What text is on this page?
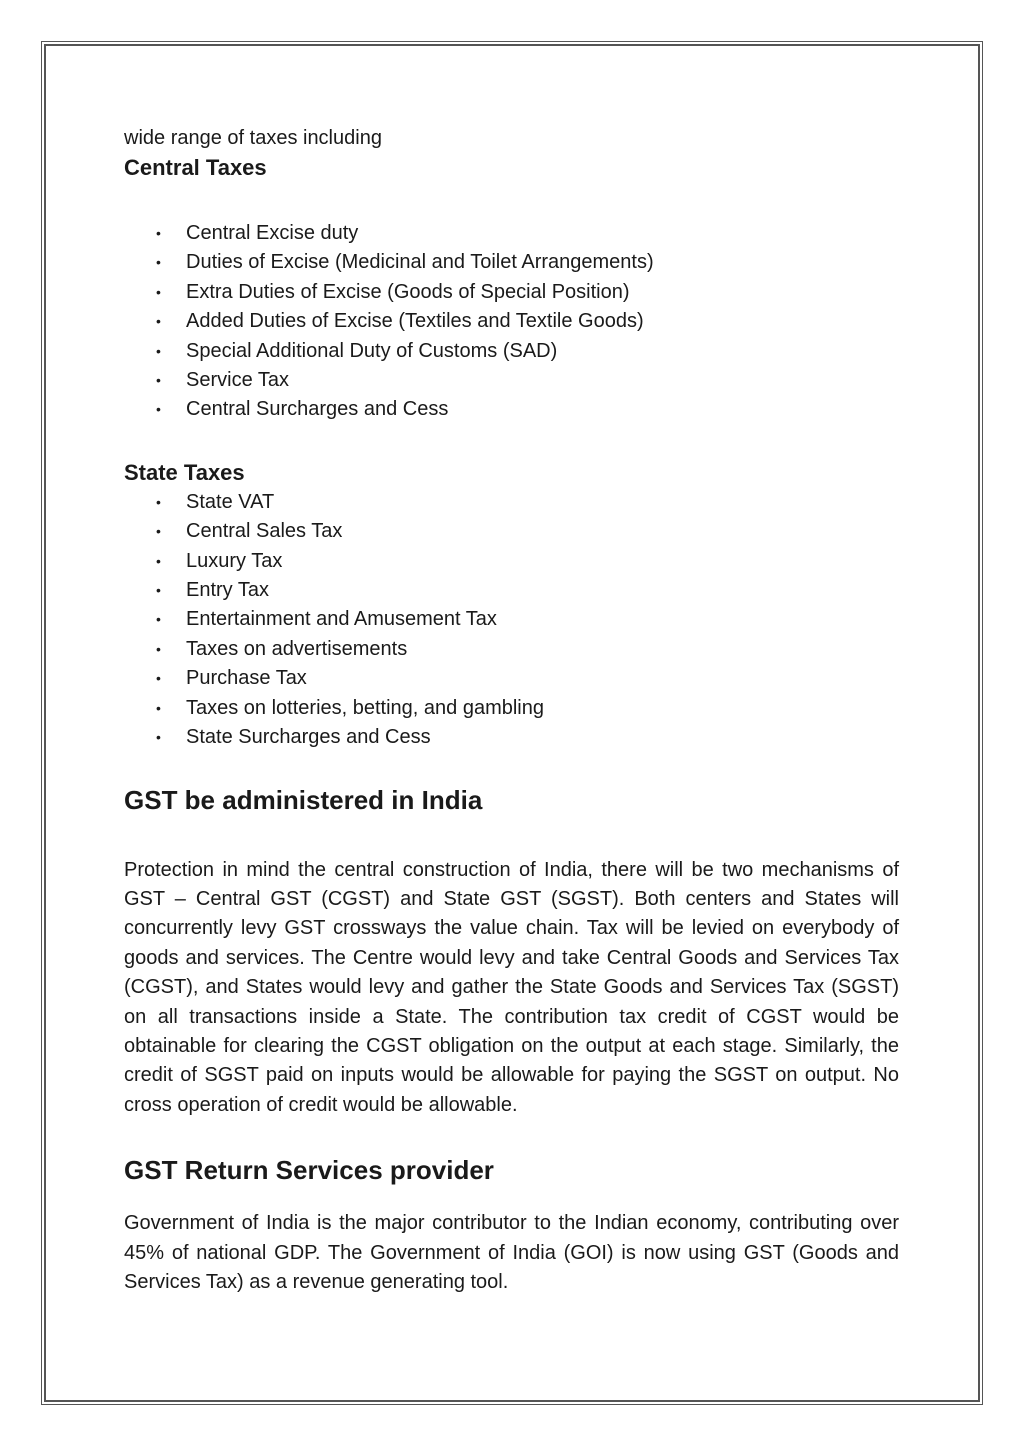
wide range of taxes including

Central Taxes
• Central Excise duty
• Duties of Excise (Medicinal and Toilet Arrangements)
• Extra Duties of Excise (Goods of Special Position)
• Added Duties of Excise (Textiles and Textile Goods)
• Special Additional Duty of Customs (SAD)
• Service Tax
• Central Surcharges and Cess
State Taxes
• State VAT
• Central Sales Tax
• Luxury Tax
• Entry Tax
• Entertainment and Amusement Tax
• Taxes on advertisements
• Purchase Tax
• Taxes on lotteries, betting, and gambling
• State Surcharges and Cess
GST be administered in India

Protection in mind the central construction of India, there will be two mechanisms of GST – Central GST (CGST) and State GST (SGST). Both centers and States will concurrently levy GST crossways the value chain. Tax will be levied on everybody of goods and services. The Centre would levy and take Central Goods and Services Tax (CGST), and States would levy and gather the State Goods and Services Tax (SGST) on all transactions inside a State. The contribution tax credit of CGST would be obtainable for clearing the CGST obligation on the output at each stage. Similarly, the credit of SGST paid on inputs would be allowable for paying the SGST on output. No cross operation of credit would be allowable.

GST Return Services provider

Government of India is the major contributor to the Indian economy, contributing over 45% of national GDP. The Government of India (GOI) is now using GST (Goods and Services Tax) as a revenue generating tool.
